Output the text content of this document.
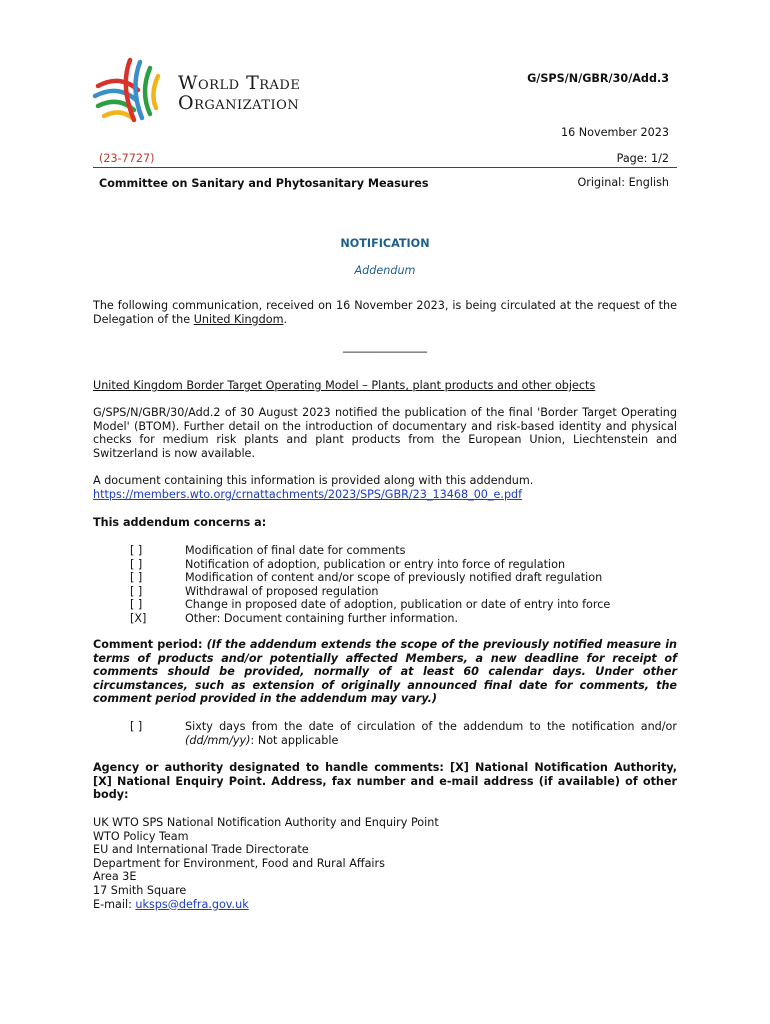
World Trade
Organization
G/SPS/N/GBR/30/Add.3
16 November 2023
(23-7727)	Page: 1/2
Committee on Sanitary and Phytosanitary Measures	Original: English
NOTIFICATION
Addendum
The following communication, received on 16 November 2023, is being circulated at the request of the Delegation of the United Kingdom.
_______________
United Kingdom Border Target Operating Model – Plants, plant products and other objects
G/SPS/N/GBR/30/Add.2 of 30 August 2023 notified the publication of the final 'Border Target Operating Model' (BTOM). Further detail on the introduction of documentary and risk-based identity and physical checks for medium risk plants and plant products from the European Union, Liechtenstein and Switzerland is now available.
A document containing this information is provided along with this addendum.
https://members.wto.org/crnattachments/2023/SPS/GBR/23_13468_00_e.pdf
This addendum concerns a:
[ ]	Modification of final date for comments
[ ]	Notification of adoption, publication or entry into force of regulation
[ ]	Modification of content and/or scope of previously notified draft regulation
[ ]	Withdrawal of proposed regulation
[ ]	Change in proposed date of adoption, publication or date of entry into force
[X]	Other: Document containing further information.
Comment period: (If the addendum extends the scope of the previously notified measure in terms of products and/or potentially affected Members, a new deadline for receipt of comments should be provided, normally of at least 60 calendar days. Under other circumstances, such as extension of originally announced final date for comments, the comment period provided in the addendum may vary.)
[ ]	Sixty days from the date of circulation of the addendum to the notification and/or (dd/mm/yy): Not applicable
Agency or authority designated to handle comments: [X] National Notification Authority, [X] National Enquiry Point. Address, fax number and e-mail address (if available) of other body:
UK WTO SPS National Notification Authority and Enquiry Point
WTO Policy Team
EU and International Trade Directorate
Department for Environment, Food and Rural Affairs
Area 3E
17 Smith Square
E-mail: uksps@defra.gov.uk
